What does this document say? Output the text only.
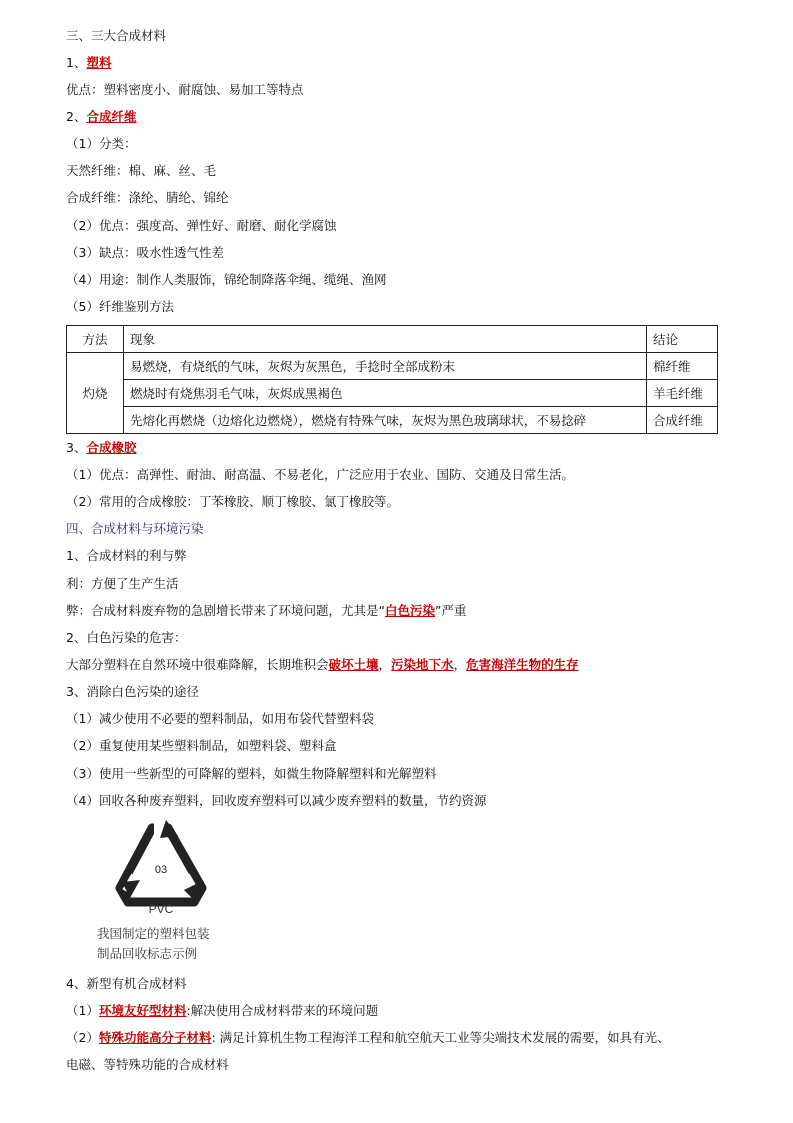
三、三大合成材料
1、塑料
优点：塑料密度小、耐腐蚀、易加工等特点
2、合成纤维
（1）分类：
天然纤维：棉、麻、丝、毛
合成纤维：涤纶、腈纶、锦纶
（2）优点：强度高、弹性好、耐磨、耐化学腐蚀
（3）缺点：吸水性透气性差
（4）用途：制作人类服饰，锦纶制降落伞绳、缆绳、渔网
（5）纤维鉴别方法
方法	现象	结论
灼烧	易燃烧，有烧纸的气味，灰烬为灰黑色，手捻时全部成粉末	棉纤维
	燃烧时有烧焦羽毛气味，灰烬成黑褐色	羊毛纤维
	先熔化再燃烧（边熔化边燃烧），燃烧有特殊气味，灰烬为黑色玻璃球状，不易捻碎	合成纤维
3、合成橡胶
（1）优点：高弹性、耐油、耐高温、不易老化，广泛应用于农业、国防、交通及日常生活。
（2）常用的合成橡胶：丁苯橡胶、顺丁橡胶、氯丁橡胶等。
四、合成材料与环境污染
1、合成材料的利与弊
利：方便了生产生活
弊：合成材料废弃物的急剧增长带来了环境问题，尤其是“白色污染”严重
2、白色污染的危害：
大部分塑料在自然环境中很难降解，长期堆积会破坏土壤，污染地下水，危害海洋生物的生存
3、消除白色污染的途径
（1）减少使用不必要的塑料制品，如用布袋代替塑料袋
（2）重复使用某些塑料制品，如塑料袋、塑料盒
（3）使用一些新型的可降解的塑料，如微生物降解塑料和光解塑料
（4）回收各种废弃塑料，回收废弃塑料可以减少废弃塑料的数量，节约资源
03
PVC
我国制定的塑料包装
制品回收标志示例
4、新型有机合成材料
（1）环境友好型材料:解决使用合成材料带来的环境问题
（2）特殊功能高分子材料: 满足计算机生物工程海洋工程和航空航天工业等尖端技术发展的需要，如具有光、
电磁、等特殊功能的合成材料
